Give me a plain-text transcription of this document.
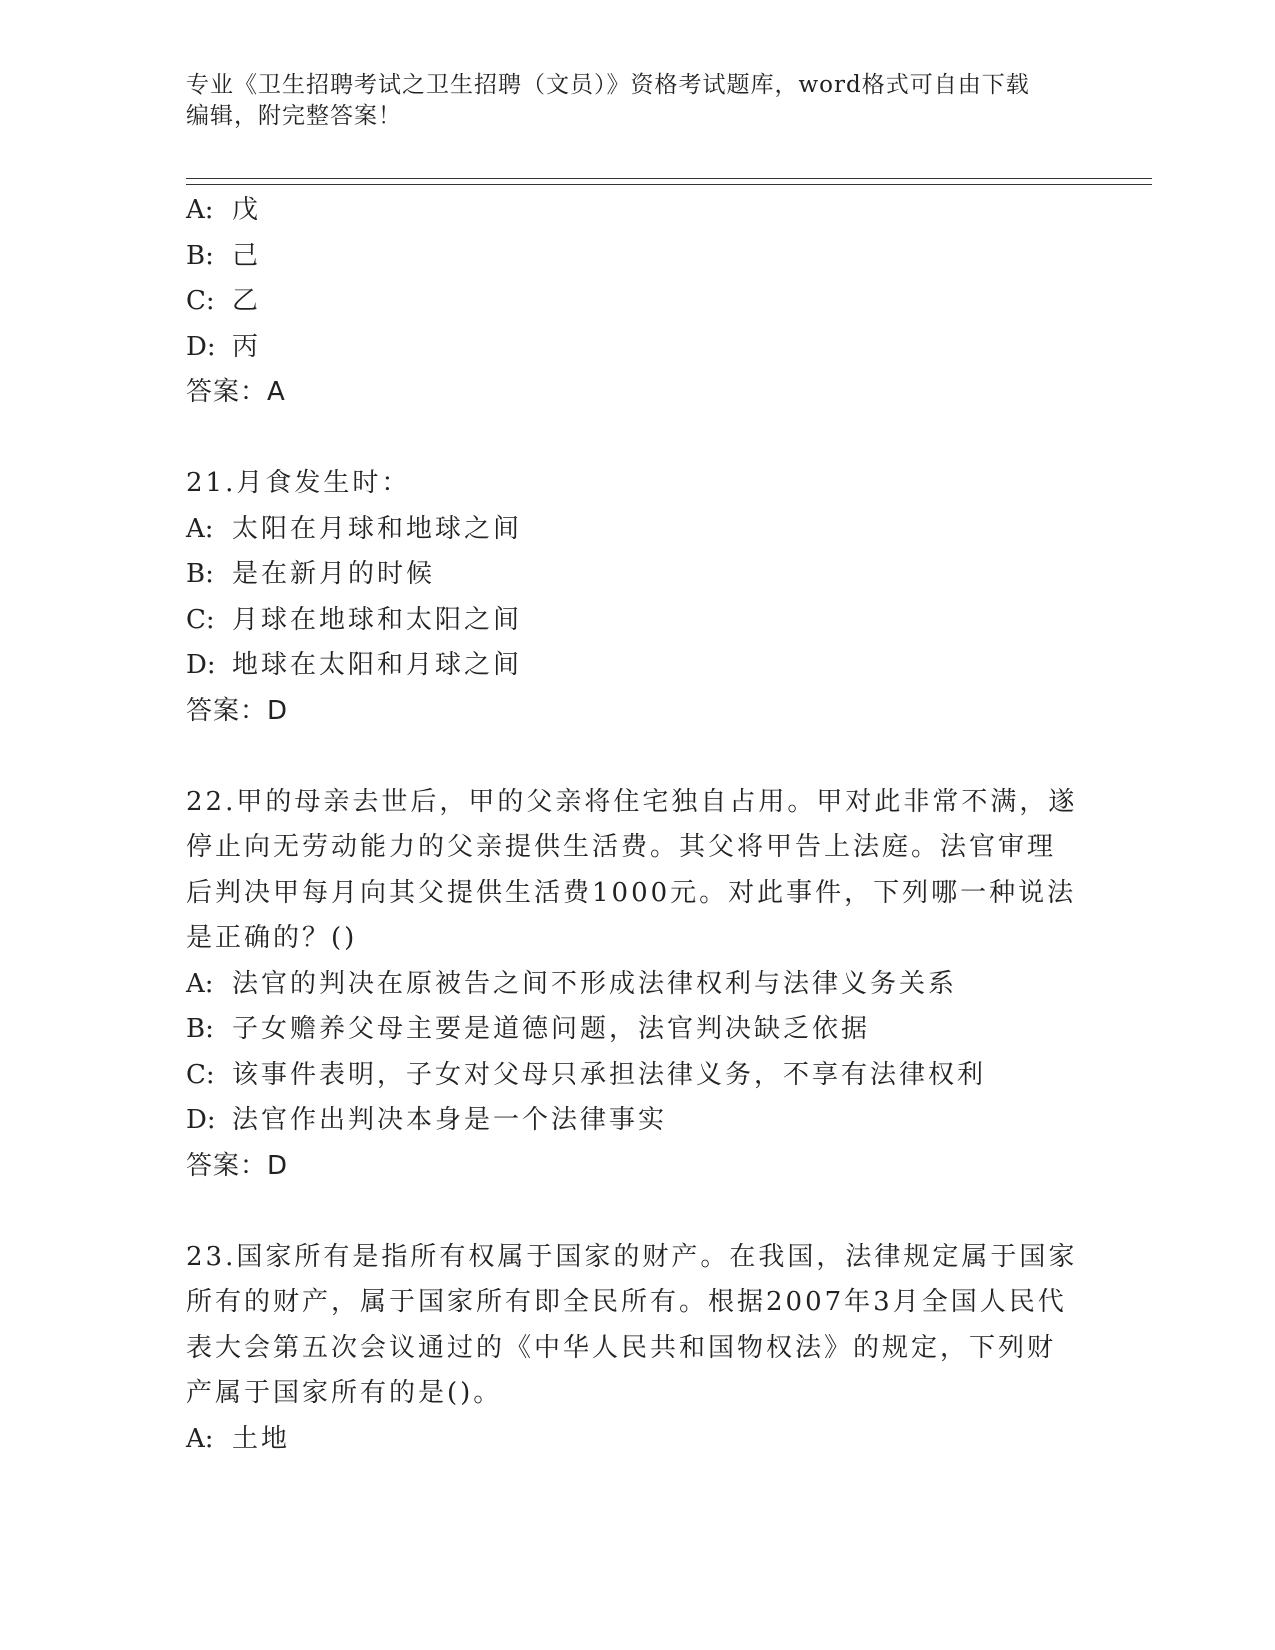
专业《卫生招聘考试之卫生招聘（文员）》资格考试题库，word格式可自由下载
编辑，附完整答案！
A: 戊
B: 己
C: 乙
D: 丙
答案：A
21.月食发生时：
A: 太阳在月球和地球之间
B: 是在新月的时候
C: 月球在地球和太阳之间
D: 地球在太阳和月球之间
答案：D
22.甲的母亲去世后，甲的父亲将住宅独自占用。甲对此非常不满，遂
停止向无劳动能力的父亲提供生活费。其父将甲告上法庭。法官审理
后判决甲每月向其父提供生活费1000元。对此事件，下列哪一种说法
是正确的？()
A: 法官的判决在原被告之间不形成法律权利与法律义务关系
B: 子女赡养父母主要是道德问题，法官判决缺乏依据
C: 该事件表明，子女对父母只承担法律义务，不享有法律权利
D: 法官作出判决本身是一个法律事实
答案：D
23.国家所有是指所有权属于国家的财产。在我国，法律规定属于国家
所有的财产，属于国家所有即全民所有。根据2007年3月全国人民代
表大会第五次会议通过的《中华人民共和国物权法》的规定，下列财
产属于国家所有的是()。
A: 土地
